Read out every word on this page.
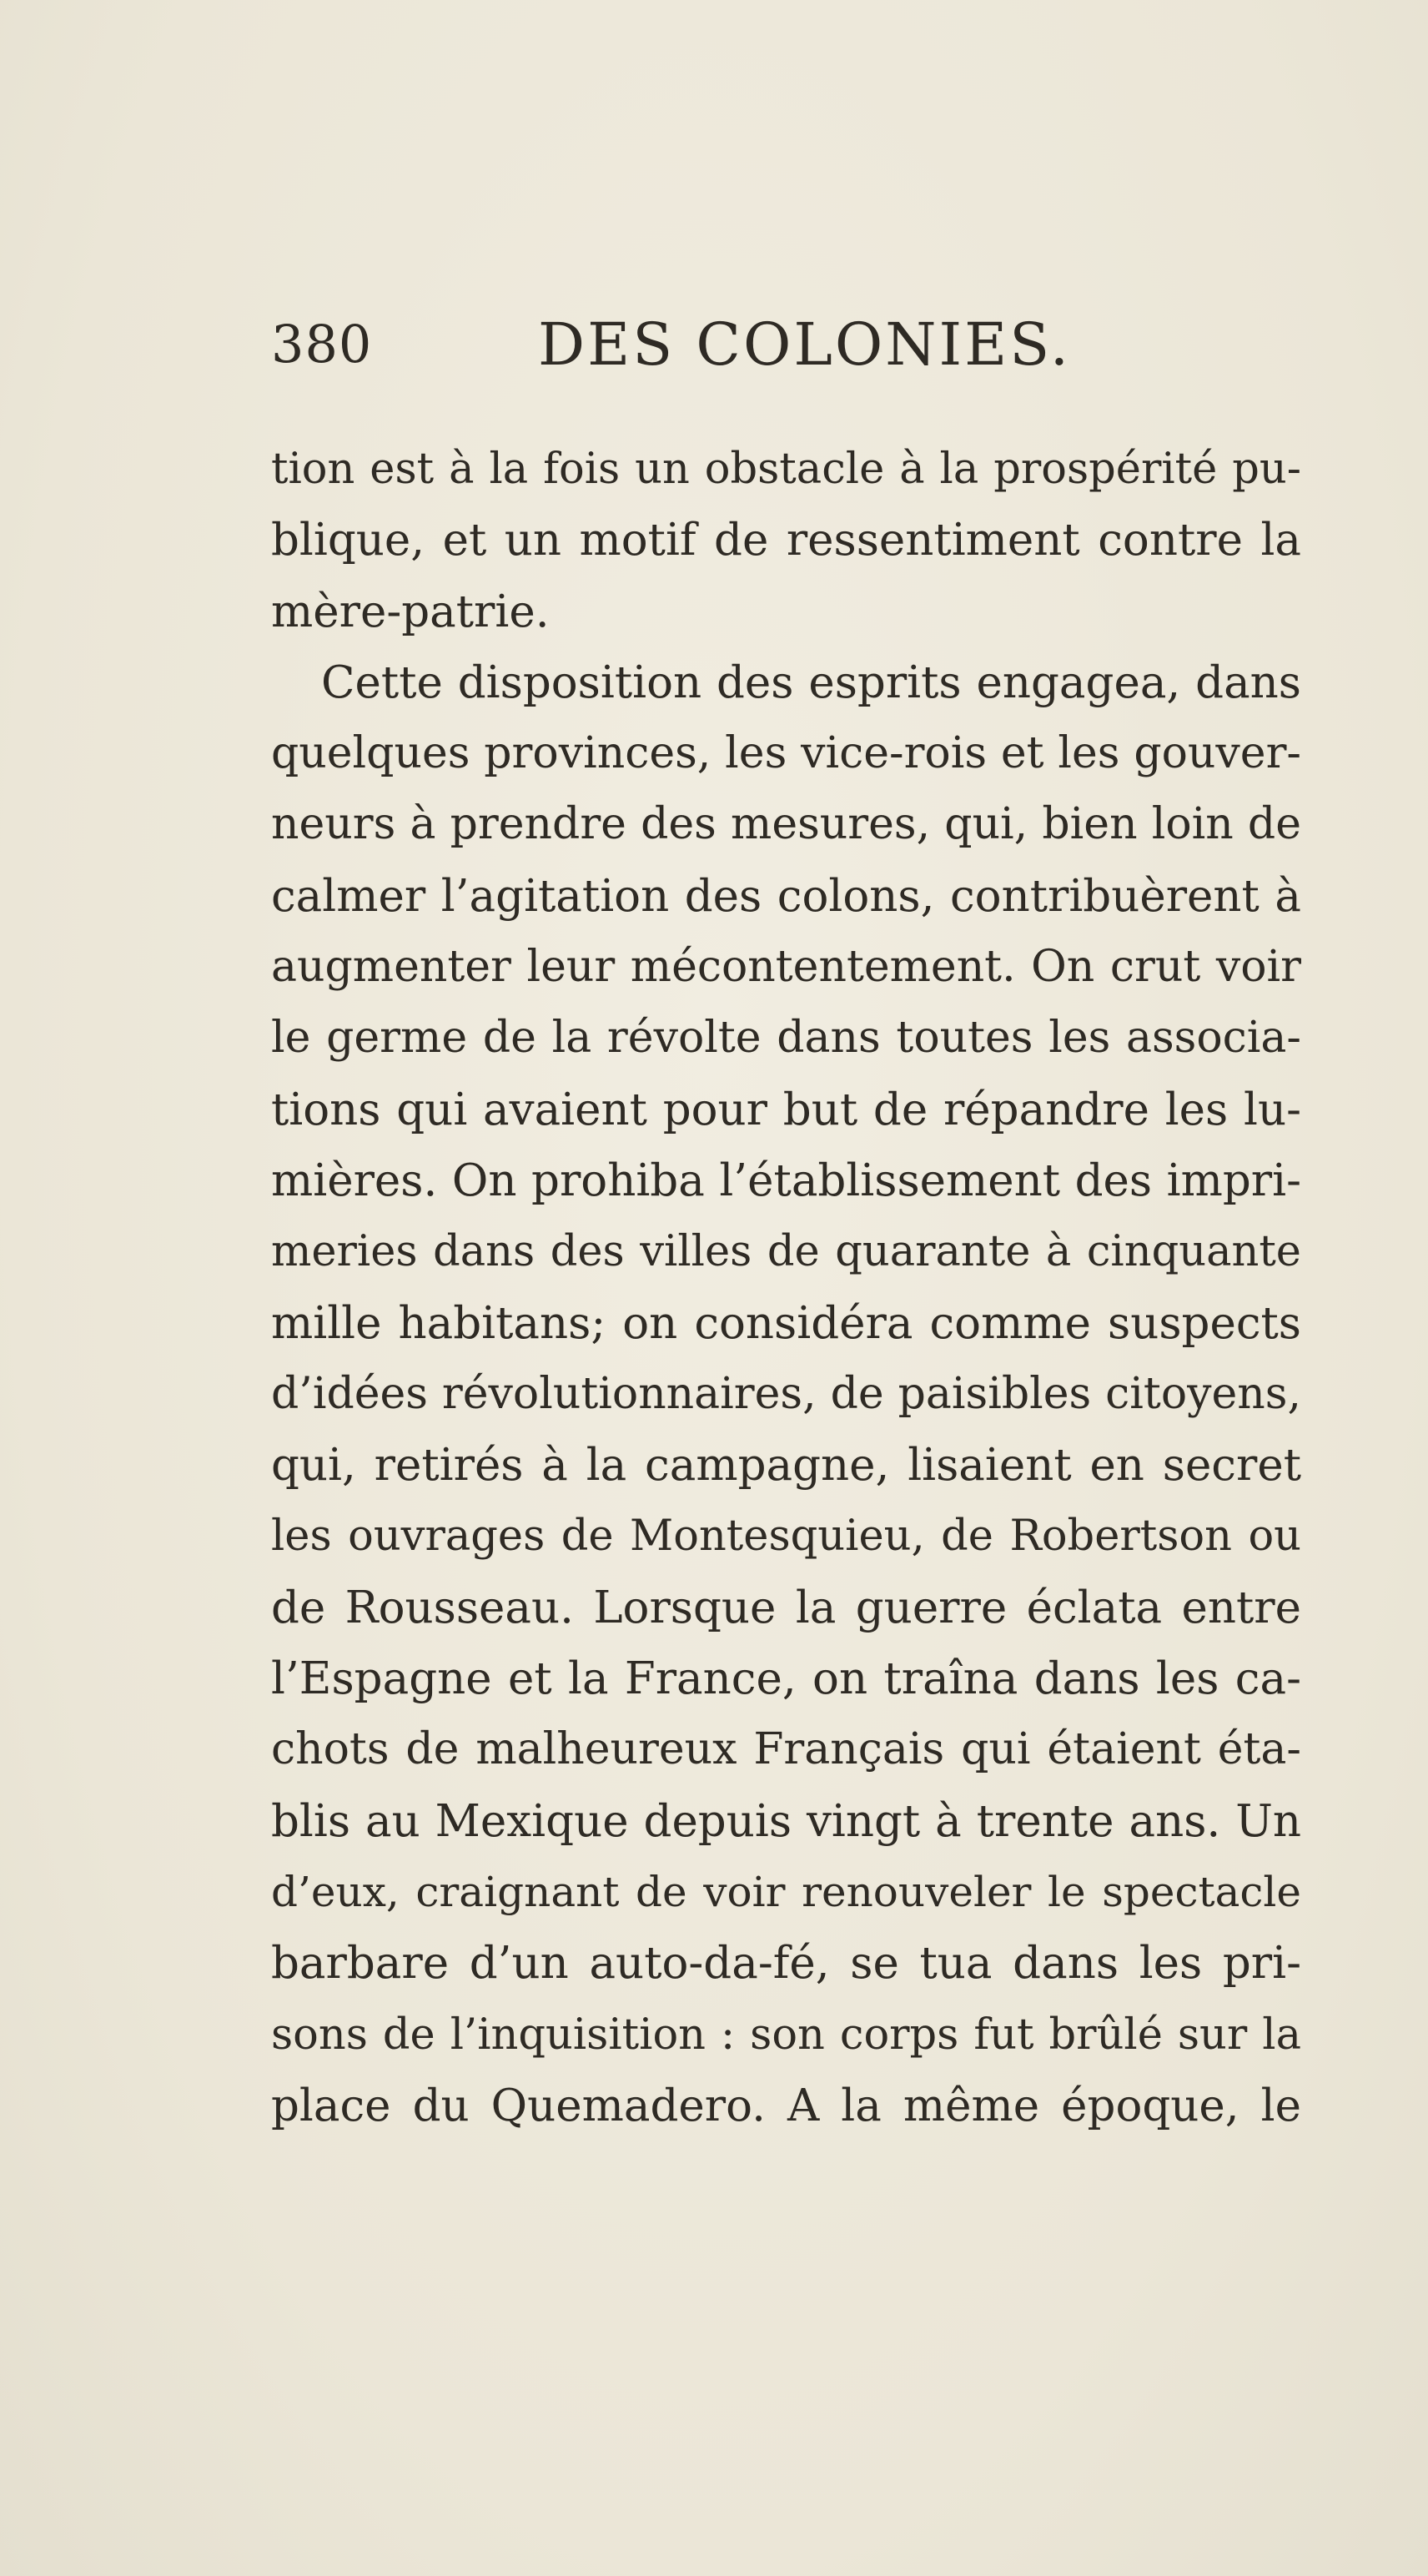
380	DES COLONIES.
tion est à la fois un obstacle à la prospérité pu-
blique, et un motif de ressentiment contre la
mère-patrie.
Cette disposition des esprits engagea, dans
quelques provinces, les vice-rois et les gouver-
neurs à prendre des mesures, qui, bien loin de
calmer l’agitation des colons, contribuèrent à
augmenter leur mécontentement. On crut voir
le germe de la révolte dans toutes les associa-
tions qui avaient pour but de répandre les lu-
mières. On prohiba l’établissement des impri-
meries dans des villes de quarante à cinquante
mille habitans; on considéra comme suspects
d’idées révolutionnaires, de paisibles citoyens,
qui, retirés à la campagne, lisaient en secret
les ouvrages de Montesquieu, de Robertson ou
de Rousseau. Lorsque la guerre éclata entre
l’Espagne et la France, on traîna dans les ca-
chots de malheureux Français qui étaient éta-
blis au Mexique depuis vingt à trente ans. Un
d’eux, craignant de voir renouveler le spectacle
barbare d’un auto-da-fé, se tua dans les pri-
sons de l’inquisition : son corps fut brûlé sur la
place du Quemadero. A la même époque, le
